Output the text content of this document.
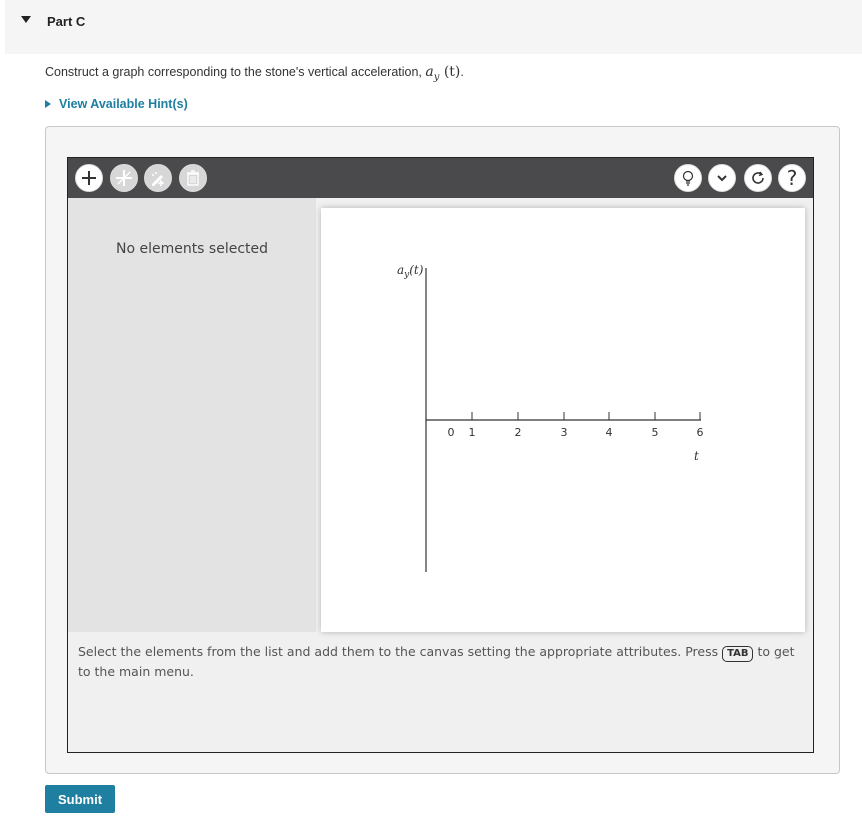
Part C
Construct a graph corresponding to the stone's vertical acceleration, $a_y$ (t).
View Available Hint(s)
?
No elements selected
$a_y(t)$
t
0 1	2	3	4	5	6
Select the elements from the list and add them to the canvas setting the appropriate attributes. Press TAB to get to the main menu.
Submit
